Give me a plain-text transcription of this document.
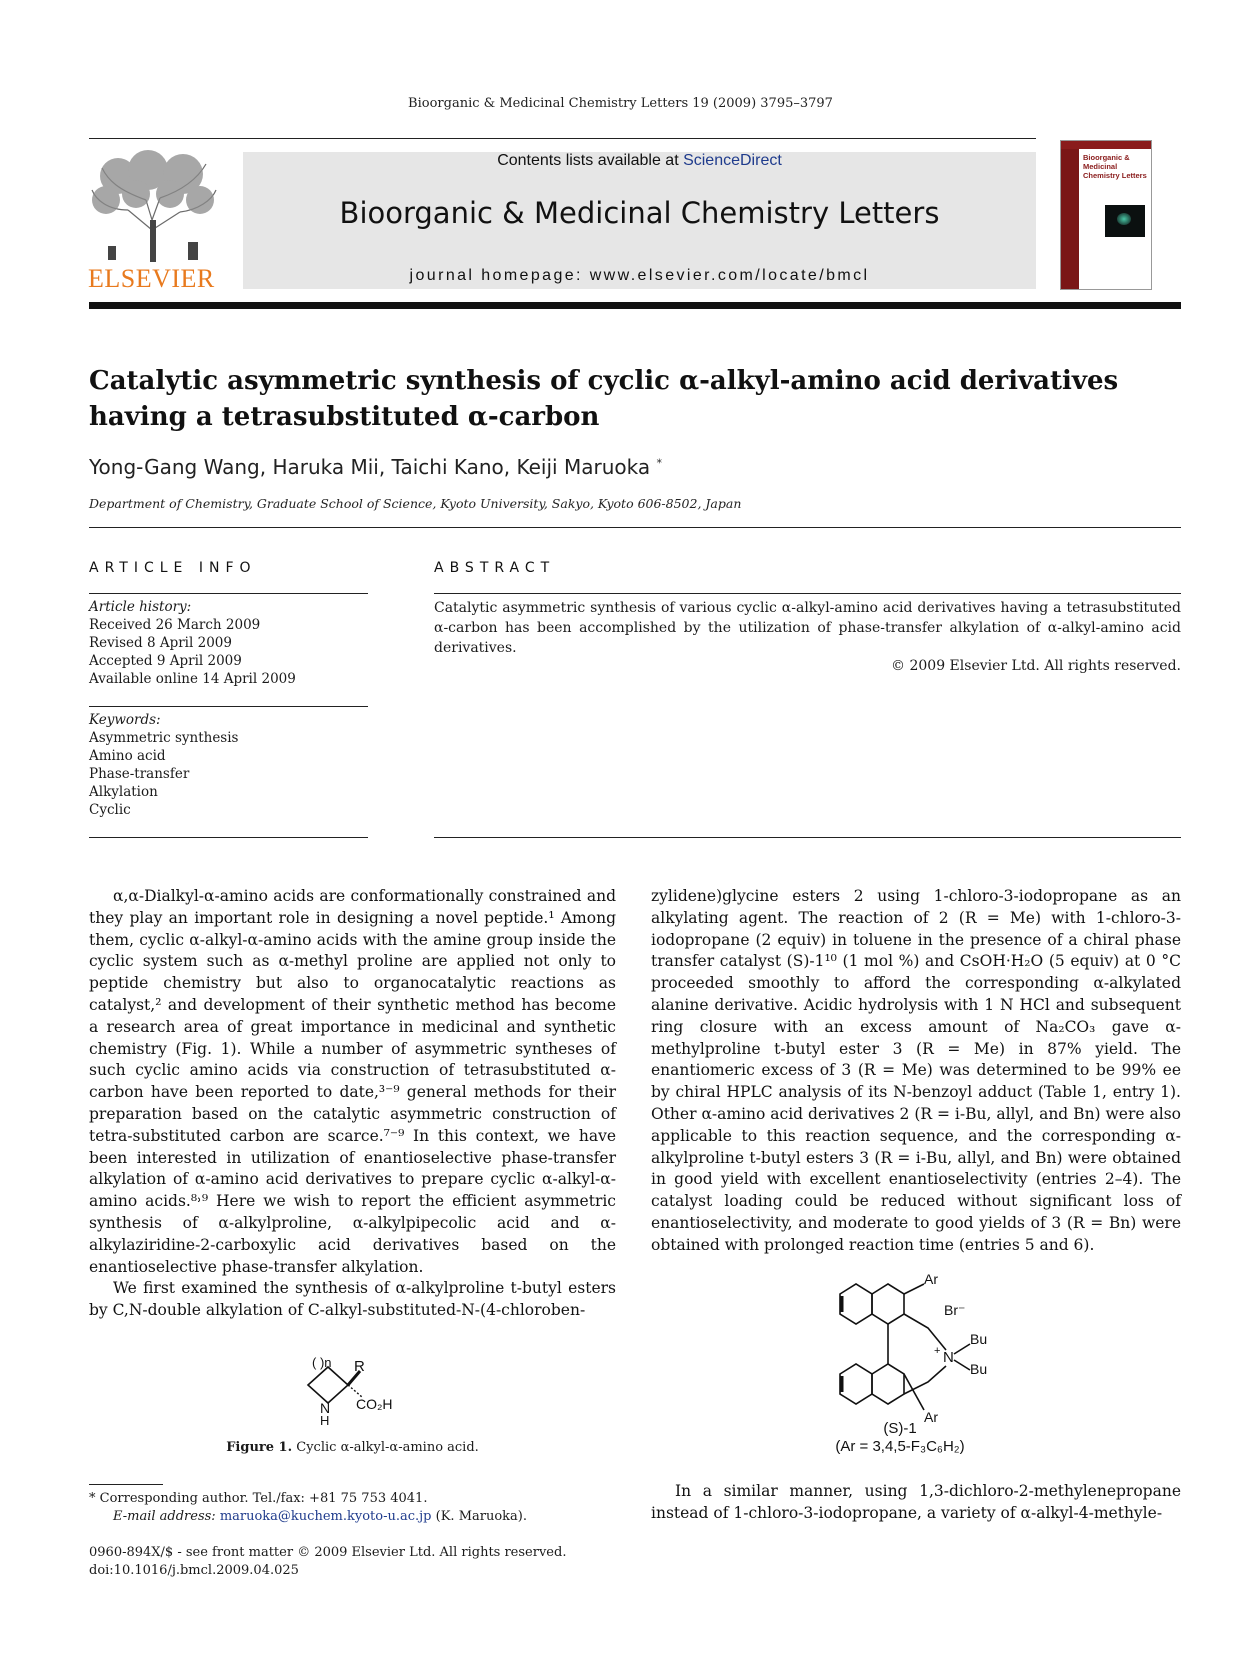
Bioorganic & Medicinal Chemistry Letters 19 (2009) 3795–3797
ELSEVIER
Contents lists available at ScienceDirect
Bioorganic & Medicinal Chemistry Letters
journal homepage: www.elsevier.com/locate/bmcl
Bioorganic & Medicinal Chemistry Letters
Catalytic asymmetric synthesis of cyclic α-alkyl-amino acid derivatives
having a tetrasubstituted α-carbon
Yong-Gang Wang, Haruka Mii, Taichi Kano, Keiji Maruoka *
Department of Chemistry, Graduate School of Science, Kyoto University, Sakyo, Kyoto 606-8502, Japan
ARTICLE INFO
Article history:
Received 26 March 2009
Revised 8 April 2009
Accepted 9 April 2009
Available online 14 April 2009
Keywords:
Asymmetric synthesis
Amino acid
Phase-transfer
Alkylation
Cyclic
ABSTRACT
Catalytic asymmetric synthesis of various cyclic α-alkyl-amino acid derivatives having a tetrasubstituted α-carbon has been accomplished by the utilization of phase-transfer alkylation of α-alkyl-amino acid derivatives.
© 2009 Elsevier Ltd. All rights reserved.

α,α-Dialkyl-α-amino acids are conformationally constrained and they play an important role in designing a novel peptide.¹ Among them, cyclic α-alkyl-α-amino acids with the amine group inside the cyclic system such as α-methyl proline are applied not only to peptide chemistry but also to organocatalytic reactions as catalyst,² and development of their synthetic method has become a research area of great importance in medicinal and synthetic chemistry (Fig. 1). While a number of asymmetric syntheses of such cyclic amino acids via construction of tetrasubstituted α-carbon have been reported to date,³⁻⁹ general methods for their preparation based on the catalytic asymmetric construction of tetra-substituted carbon are scarce.⁷⁻⁹ In this context, we have been interested in utilization of enantioselective phase-transfer alkylation of α-amino acid derivatives to prepare cyclic α-alkyl-α-amino acids.⁸˒⁹ Here we wish to report the efficient asymmetric synthesis of α-alkylproline, α-alkylpipecolic acid and α-alkylaziridine-2-carboxylic acid derivatives based on the enantioselective phase-transfer alkylation.

We first examined the synthesis of α-alkylproline t-butyl esters by C,N-double alkylation of C-alkyl-substituted-N-(4-chloroben-

( )n R
N
H
CO₂H
Figure 1. Cyclic α-alkyl-α-amino acid.
* Corresponding author. Tel./fax: +81 75 753 4041.
E-mail address: maruoka@kuchem.kyoto-u.ac.jp (K. Maruoka).
0960-894X/$ - see front matter © 2009 Elsevier Ltd. All rights reserved.
doi:10.1016/j.bmcl.2009.04.025

zylidene)glycine esters 2 using 1-chloro-3-iodopropane as an alkylating agent. The reaction of 2 (R = Me) with 1-chloro-3-iodopropane (2 equiv) in toluene in the presence of a chiral phase transfer catalyst (S)-1¹⁰ (1 mol %) and CsOH·H₂O (5 equiv) at 0 °C proceeded smoothly to afford the corresponding α-alkylated alanine derivative. Acidic hydrolysis with 1 N HCl and subsequent ring closure with an excess amount of Na₂CO₃ gave α-methylproline t-butyl ester 3 (R = Me) in 87% yield. The enantiomeric excess of 3 (R = Me) was determined to be 99% ee by chiral HPLC analysis of its N-benzoyl adduct (Table 1, entry 1). Other α-amino acid derivatives 2 (R = i-Bu, allyl, and Bn) were also applicable to this reaction sequence, and the corresponding α-alkylproline t-butyl esters 3 (R = i-Bu, allyl, and Bn) were obtained in good yield with excellent enantioselectivity (entries 2–4). The catalyst loading could be reduced without significant loss of enantioselectivity, and moderate to good yields of 3 (R = Bn) were obtained with prolonged reaction time (entries 5 and 6).

Ar
Br⁻
+ N
Bu
Bu
Ar
(S)-1
(Ar = 3,4,5-F₃C₆H₂)

In a similar manner, using 1,3-dichloro-2-methylenepropane instead of 1-chloro-3-iodopropane, a variety of α-alkyl-4-methyle-
